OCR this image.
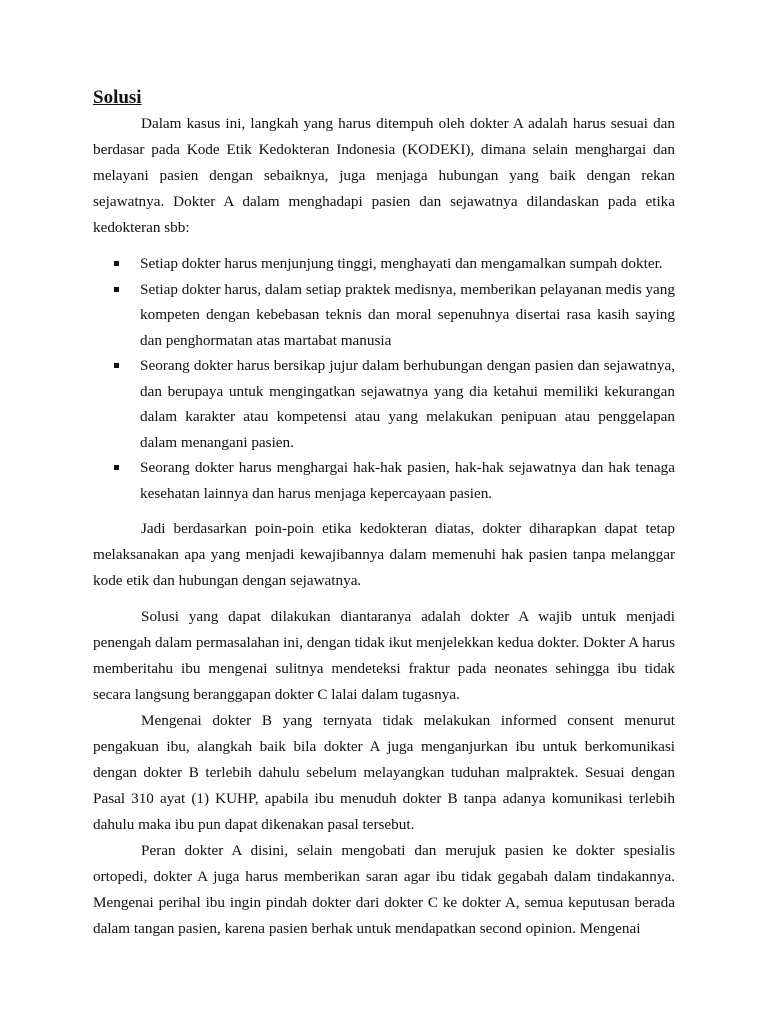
Solusi

Dalam kasus ini, langkah yang harus ditempuh oleh dokter A adalah harus sesuai dan berdasar pada Kode Etik Kedokteran Indonesia (KODEKI), dimana selain menghargai dan melayani pasien dengan sebaiknya, juga menjaga hubungan yang baik dengan rekan sejawatnya. Dokter A dalam menghadapi pasien dan sejawatnya dilandaskan pada etika kedokteran sbb:

Setiap dokter harus menjunjung tinggi, menghayati dan mengamalkan sumpah dokter.
Setiap dokter harus, dalam setiap praktek medisnya, memberikan pelayanan medis yang kompeten dengan kebebasan teknis dan moral sepenuhnya disertai rasa kasih saying dan penghormatan atas martabat manusia
Seorang dokter harus bersikap jujur dalam berhubungan dengan pasien dan sejawatnya, dan berupaya untuk mengingatkan sejawatnya yang dia ketahui memiliki kekurangan dalam karakter atau kompetensi atau yang melakukan penipuan atau penggelapan dalam menangani pasien.
Seorang dokter harus menghargai hak-hak pasien, hak-hak sejawatnya dan hak tenaga kesehatan lainnya dan harus menjaga kepercayaan pasien.

Jadi berdasarkan poin-poin etika kedokteran diatas, dokter diharapkan dapat tetap melaksanakan apa yang menjadi kewajibannya dalam memenuhi hak pasien tanpa melanggar kode etik dan hubungan dengan sejawatnya.

Solusi yang dapat dilakukan diantaranya adalah dokter A wajib untuk menjadi penengah dalam permasalahan ini, dengan tidak ikut menjelekkan kedua dokter. Dokter A harus memberitahu ibu mengenai sulitnya mendeteksi fraktur pada neonates sehingga ibu tidak secara langsung beranggapan dokter C lalai dalam tugasnya.

Mengenai dokter B yang ternyata tidak melakukan informed consent menurut pengakuan ibu, alangkah baik bila dokter A juga menganjurkan ibu untuk berkomunikasi dengan dokter B terlebih dahulu sebelum melayangkan tuduhan malpraktek. Sesuai dengan Pasal 310 ayat (1) KUHP, apabila ibu menuduh dokter B tanpa adanya komunikasi terlebih dahulu maka ibu pun dapat dikenakan pasal tersebut.

Peran dokter A disini, selain mengobati dan merujuk pasien ke dokter spesialis ortopedi, dokter A juga harus memberikan saran agar ibu tidak gegabah dalam tindakannya. Mengenai perihal ibu ingin pindah dokter dari dokter C ke dokter A, semua keputusan berada dalam tangan pasien, karena pasien berhak untuk mendapatkan second opinion. Mengenai
